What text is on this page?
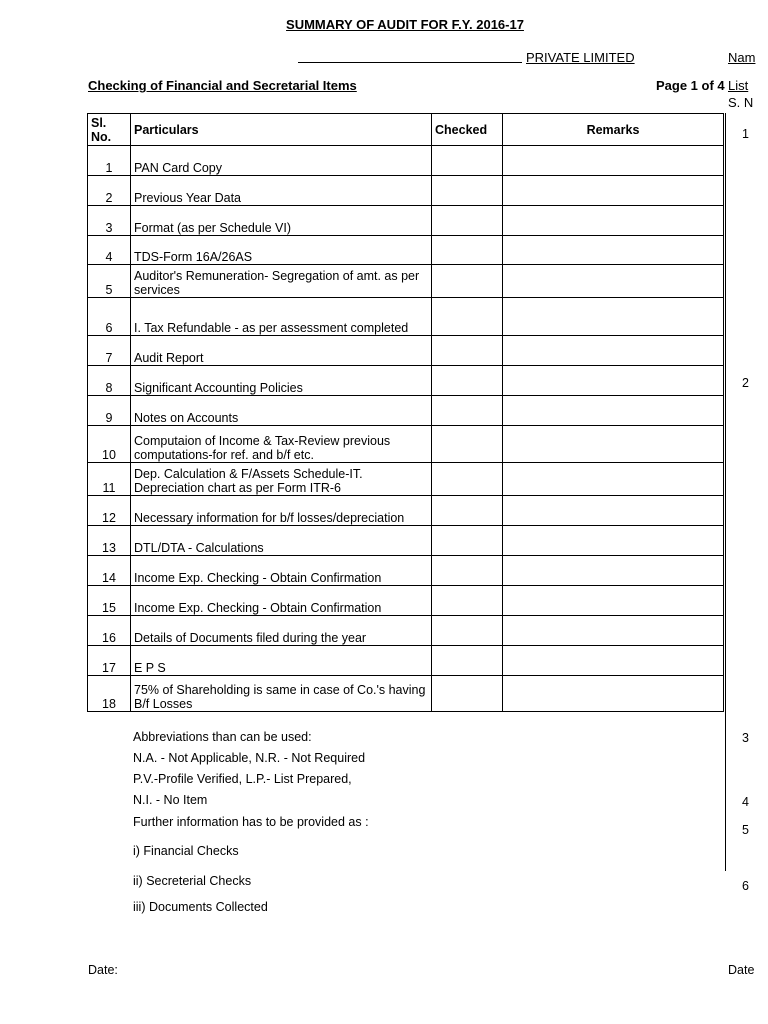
SUMMARY OF AUDIT FOR F.Y. 2016-17
PRIVATE LIMITED	Nam
Checking of Financial and Secretarial Items	Page 1 of 4 List
S. N
Sl. No.	Particulars	Checked	Remarks
1	PAN Card Copy		
2	Previous Year Data		
3	Format (as per Schedule VI)		
4	TDS-Form 16A/26AS		
5	Auditor's Remuneration- Segregation of amt. as per services		
6	I. Tax Refundable - as per assessment completed		
7	Audit Report		
8	Significant Accounting Policies		
9	Notes on Accounts		
10	Computaion of Income & Tax-Review previous computations-for ref. and b/f etc.		
11	Dep. Calculation & F/Assets Schedule-IT. Depreciation chart as per Form ITR-6		
12	Necessary information for b/f losses/depreciation		
13	DTL/DTA - Calculations		
14	Income Exp. Checking - Obtain Confirmation		
15	Income Exp. Checking - Obtain Confirmation		
16	Details of Documents filed during the year		
17	E P S		
18	75% of Shareholding is same in case of Co.'s having B/f Losses		
1
2
3
4
5
6
Abbreviations than can be used:
N.A. - Not Applicable, N.R. - Not Required
P.V.-Profile Verified, L.P.- List Prepared,
N.I. - No Item
Further information has to be provided as :
i) Financial Checks
ii) Secreterial Checks
iii) Documents Collected
Date:	Date
